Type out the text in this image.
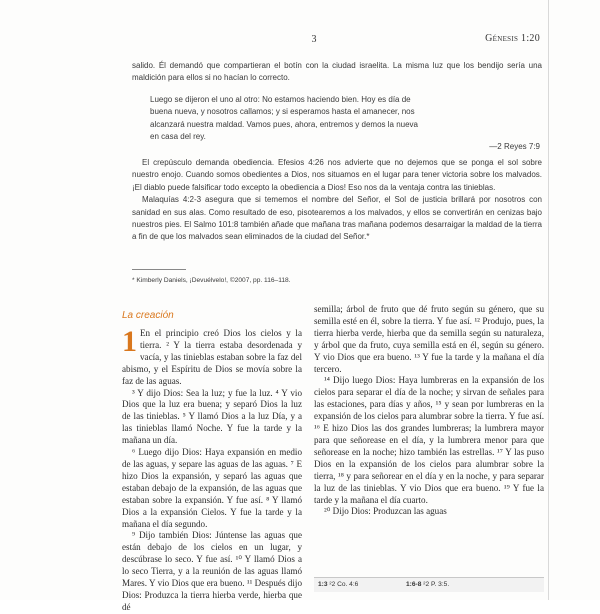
3	Génesis 1:20

salido. Él demandó que compartieran el botín con la ciudad israelita. La misma luz que los bendijo sería una maldición para ellos si no hacían lo correcto.

Luego se dijeron el uno al otro: No estamos haciendo bien. Hoy es día de

buena nueva, y nosotros callamos; y si esperamos hasta el amanecer, nos

alcanzará nuestra maldad. Vamos pues, ahora, entremos y demos la nueva

en casa del rey.

—2 Reyes 7:9

El crepúsculo demanda obediencia. Efesios 4:26 nos advierte que no dejemos que se ponga el sol sobre nuestro enojo. Cuando somos obedientes a Dios, nos situamos en el lugar para tener victoria sobre los malvados. ¡El diablo puede falsificar todo excepto la obediencia a Dios! Eso nos da la ventaja contra las tinieblas.

Malaquías 4:2-3 asegura que si tememos el nombre del Señor, el Sol de justicia brillará por nosotros con sanidad en sus alas. Como resultado de eso, pisotearemos a los malvados, y ellos se convertirán en cenizas bajo nuestros pies. El Salmo 101:8 también añade que mañana tras mañana podemos desarraigar la maldad de la tierra a fin de que los malvados sean eliminados de la ciudad del Señor.*

* Kimberly Daniels, ¡Devuélvelo!, ©2007, pp. 116–118.
La creación

1 En el principio creó Dios los cielos y la tierra. ² Y la tierra estaba desordenada y vacía, y las tinieblas estaban sobre la faz del abismo, y el Espíritu de Dios se movía sobre la faz de las aguas.

³ Y dijo Dios: Sea la luz; y fue la luz. ⁴ Y vio Dios que la luz era buena; y separó Dios la luz de las tinieblas. ⁵ Y llamó Dios a la luz Día, y a las tinieblas llamó Noche. Y fue la tarde y la mañana un día.

⁶ Luego dijo Dios: Haya expansión en medio de las aguas, y separe las aguas de las aguas. ⁷ E hizo Dios la expansión, y separó las aguas que estaban debajo de la expansión, de las aguas que estaban sobre la expansión. Y fue así. ⁸ Y llamó Dios a la expansión Cielos. Y fue la tarde y la mañana el día segundo.

⁹ Dijo también Dios: Júntense las aguas que están debajo de los cielos en un lugar, y descúbrase lo seco. Y fue así. ¹⁰ Y llamó Dios a lo seco Tierra, y a la reunión de las aguas llamó Mares. Y vio Dios que era bueno. ¹¹ Después dijo Dios: Produzca la tierra hierba verde, hierba que dé

semilla; árbol de fruto que dé fruto según su género, que su semilla esté en él, sobre la tierra. Y fue así. ¹² Produjo, pues, la tierra hierba verde, hierba que da semilla según su naturaleza, y árbol que da fruto, cuya semilla está en él, según su género. Y vio Dios que era bueno. ¹³ Y fue la tarde y la mañana el día tercero.

¹⁴ Dijo luego Dios: Haya lumbreras en la expansión de los cielos para separar el día de la noche; y sirvan de señales para las estaciones, para días y años, ¹⁵ y sean por lumbreras en la expansión de los cielos para alumbrar sobre la tierra. Y fue así. ¹⁶ E hizo Dios las dos grandes lumbreras; la lumbrera mayor para que señorease en el día, y la lumbrera menor para que señorease en la noche; hizo también las estrellas. ¹⁷ Y las puso Dios en la expansión de los cielos para alumbrar sobre la tierra, ¹⁸ y para señorear en el día y en la noche, y para separar la luz de las tinieblas. Y vio Dios que era bueno. ¹⁹ Y fue la tarde y la mañana el día cuarto.

²⁰ Dijo Dios: Produzcan las aguas

1:3 ²2 Co. 4:6	1:6-8 ²2 P. 3:5.
